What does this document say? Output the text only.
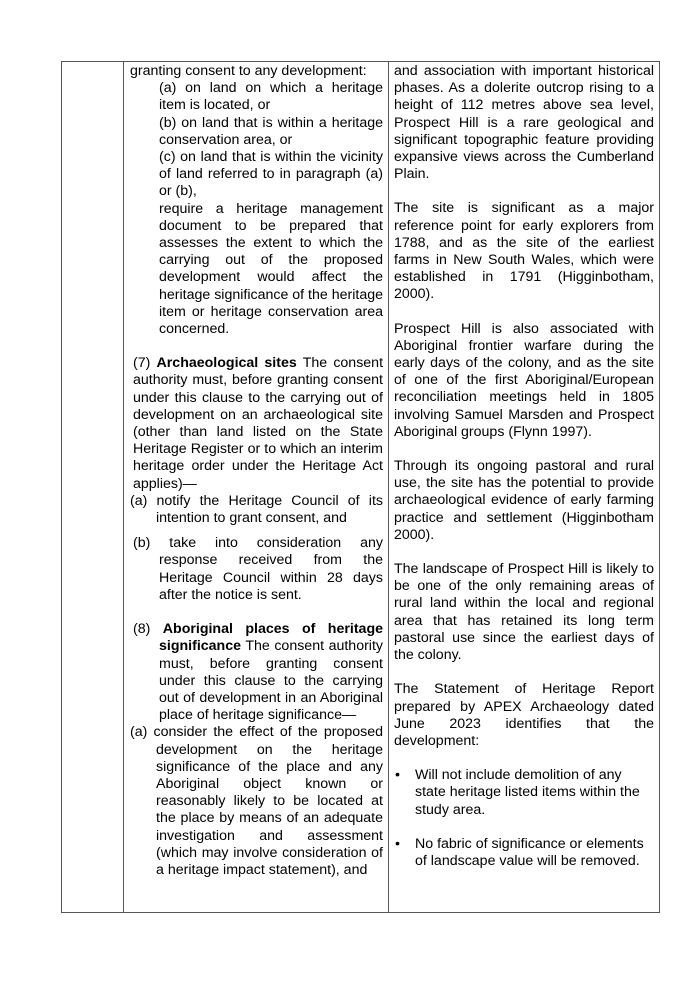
granting consent to any development:

(a) on land on which a heritage item is located, or

(b) on land that is within a heritage conservation area, or

(c) on land that is within the vicinity of land referred to in paragraph (a) or (b),

require a heritage management document to be prepared that assesses the extent to which the carrying out of the proposed development would affect the heritage significance of the heritage item or heritage conservation area concerned.

(7) Archaeological sites The consent authority must, before granting consent under this clause to the carrying out of development on an archaeological site (other than land listed on the State Heritage Register or to which an interim heritage order under the Heritage Act applies)—

(a) notify the Heritage Council of its intention to grant consent, and

(b) take into consideration any response received from the Heritage Council within 28 days after the notice is sent.

(8) Aboriginal places of heritage significance The consent authority must, before granting consent under this clause to the carrying out of development in an Aboriginal place of heritage significance—

(a) consider the effect of the proposed development on the heritage significance of the place and any Aboriginal object known or reasonably likely to be located at the place by means of an adequate investigation and assessment (which may involve consideration of a heritage impact statement), and

and association with important historical phases. As a dolerite outcrop rising to a height of 112 metres above sea level, Prospect Hill is a rare geological and significant topographic feature providing expansive views across the Cumberland Plain.

The site is significant as a major reference point for early explorers from 1788, and as the site of the earliest farms in New South Wales, which were established in 1791 (Higginbotham, 2000).

Prospect Hill is also associated with Aboriginal frontier warfare during the early days of the colony, and as the site of one of the first Aboriginal/European reconciliation meetings held in 1805 involving Samuel Marsden and Prospect Aboriginal groups (Flynn 1997).

Through its ongoing pastoral and rural use, the site has the potential to provide archaeological evidence of early farming practice and settlement (Higginbotham 2000).

The landscape of Prospect Hill is likely to be one of the only remaining areas of rural land within the local and regional area that has retained its long term pastoral use since the earliest days of the colony.

The Statement of Heritage Report prepared by APEX Archaeology dated June 2023 identifies that the development:

• Will not include demolition of any state heritage listed items within the study area.
• No fabric of significance or elements of landscape value will be removed.
